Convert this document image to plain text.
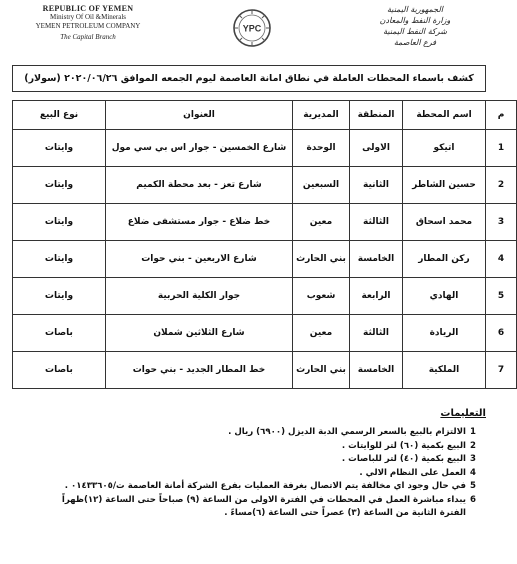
REPUBLIC OF YEMEN
Ministry Of Oil &Minerals
YEMEN PETROLEUM COMPANY
The Capital Branch
YPC
الجمهورية اليمنية
وزارة النفط والمعادن
شركة النفط اليمنية
فرع العاصمة
كشف باسماء المحطات العاملة في نطاق امانة العاصمة ليوم الجمعه الموافق ٢٠٢٠/٠٦/٢٦ (سولار)
م	اسم المحطة	المنطقة	المديرية	العنوان	نوع البيع
1	اتيكو	الاولى	الوحدة	شارع الخمسين - جوار اس بي سي مول	وايتات
2	حسين الشاطر	الثانية	السبعين	شارع تعز - بعد محطة الكميم	وايتات
3	محمد اسحاق	الثالثة	معين	خط ضلاع - جوار مستشفى ضلاع	وايتات
4	ركن المطار	الخامسة	بني الحارث	شارع الاربعين - بني حوات	وايتات
5	الهادي	الرابعة	شعوب	جوار الكلية الحربية	وايتات
6	الريادة	الثالثة	معين	شارع الثلاثين شملان	باصات
7	الملكية	الخامسة	بني الحارث	خط المطار الجديد - بني حوات	باصات
التعليمات
1
الالتزام بالبيع بالسعر الرسمي الدبة الديزل (٦٩٠٠) ريال .
2
البيع بكمية (٦٠) لتر للوايتات .
3
البيع بكمية (٤٠) لتر للباصات .
4
العمل على النظام الالي .
5
في حال وجود اي مخالفة يتم الاتصال بغرفة العمليات بفرع الشركة أمانة العاصمة ت/٠١٤٣٣٦٠٥ .
6
يبداء مباشرة العمل في المحطات في الفترة الاولى من الساعة (٩) صباحاً حتى الساعة (١٢)ظهراً
الفترة الثانية من الساعة (٣) عصراً حتى الساعة (٦)مساءً .
